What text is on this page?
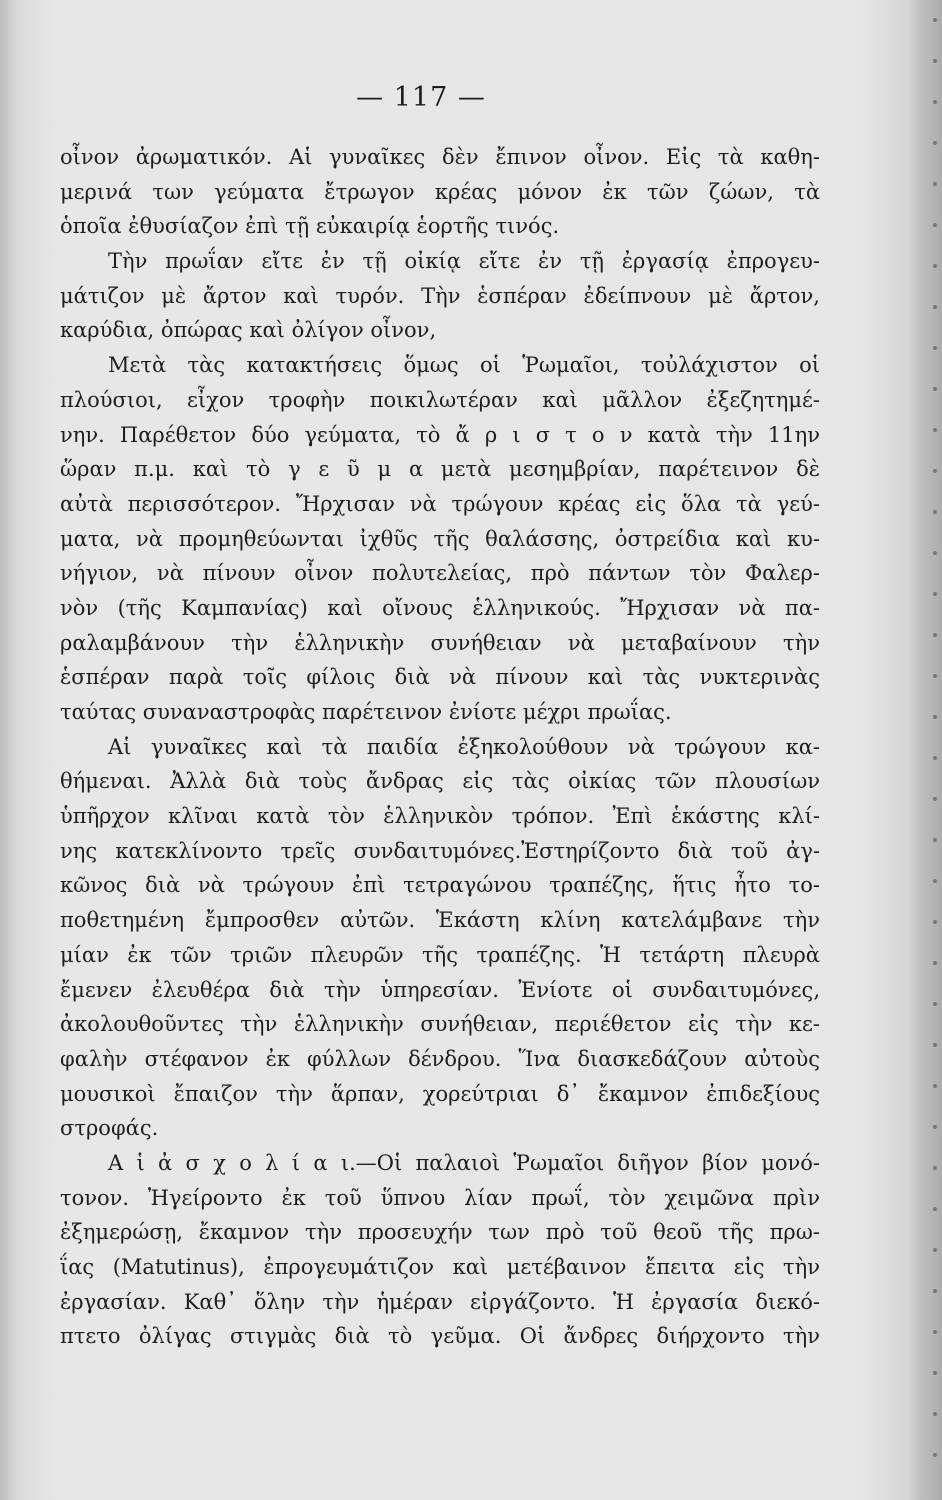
— 117 —
οἶνον ἀρωματικόν. Αἱ γυναῖκες δὲν ἔπινον οἶνον. Εἰς τὰ καθη-
μερινά των γεύματα ἔτρωγον κρέας μόνον ἐκ τῶν ζώων, τὰ
ὁποῖα ἐθυσίαζον ἐπὶ τῇ εὐκαιρίᾳ ἑορτῆς τινός.
Τὴν πρωΐαν εἴτε ἐν τῇ οἰκίᾳ εἴτε ἐν τῇ ἐργασίᾳ ἐπρογευ-
μάτιζον μὲ ἄρτον καὶ τυρόν. Τὴν ἑσπέραν ἐδείπνουν μὲ ἄρτον,
καρύδια, ὀπώρας καὶ ὀλίγον οἶνον,
Μετὰ τὰς κατακτήσεις ὅμως οἱ Ῥωμαῖοι, τοὐλάχιστον οἱ
πλούσιοι, εἶχον τροφὴν ποικιλωτέραν καὶ μᾶλλον ἐξεζητημέ-
νην. Παρέθετον δύο γεύματα, τὸ ἄ ρ ι σ τ ο ν κατὰ τὴν 11ην
ὥραν π.μ. καὶ τὸ γ ε ῦ μ α μετὰ μεσημβρίαν, παρέτεινον δὲ
αὐτὰ περισσότερον. Ἤρχισαν νὰ τρώγουν κρέας εἰς ὅλα τὰ γεύ-
ματα, νὰ προμηθεύωνται ἰχθῦς τῆς θαλάσσης, ὀστρείδια καὶ κυ-
νήγιον, νὰ πίνουν οἶνον πολυτελείας, πρὸ πάντων τὸν Φαλερ-
νὸν (τῆς Καμπανίας) καὶ οἴνους ἑλληνικούς. Ἤρχισαν νὰ πα-
ραλαμβάνουν τὴν ἑλληνικὴν συνήθειαν νὰ μεταβαίνουν τὴν
ἑσπέραν παρὰ τοῖς φίλοις διὰ νὰ πίνουν καὶ τὰς νυκτερινὰς
ταύτας συναναστροφὰς παρέτεινον ἐνίοτε μέχρι πρωΐας.
Αἱ γυναῖκες καὶ τὰ παιδία ἐξηκολούθουν νὰ τρώγουν κα-
θήμεναι. Ἀλλὰ διὰ τοὺς ἄνδρας εἰς τὰς οἰκίας τῶν πλουσίων
ὑπῆρχον κλῖναι κατὰ τὸν ἑλληνικὸν τρόπον. Ἐπὶ ἑκάστης κλί-
νης κατεκλίνοντο τρεῖς συνδαιτυμόνες.Ἐστηρίζοντο διὰ τοῦ ἀγ-
κῶνος διὰ νὰ τρώγουν ἐπὶ τετραγώνου τραπέζης, ἥτις ἦτο το-
ποθετημένη ἔμπροσθεν αὐτῶν. Ἑκάστη κλίνη κατελάμβανε τὴν
μίαν ἐκ τῶν τριῶν πλευρῶν τῆς τραπέζης. Ἡ τετάρτη πλευρὰ
ἔμενεν ἐλευθέρα διὰ τὴν ὑπηρεσίαν. Ἐνίοτε οἱ συνδαιτυμόνες,
ἀκολουθοῦντες τὴν ἑλληνικὴν συνήθειαν, περιέθετον εἰς τὴν κε-
φαλὴν στέφανον ἐκ φύλλων δένδρου. Ἵνα διασκεδάζουν αὐτοὺς
μουσικοὶ ἔπαιζον τὴν ἅρπαν, χορεύτριαι δ᾽ ἔκαμνον ἐπιδεξίους
στροφάς.
Α ἱ ἀ σ χ ο λ ί α ι.—Οἱ παλαιοὶ Ῥωμαῖοι διῆγον βίον μονό-
τονον. Ἠγείροντο ἐκ τοῦ ὕπνου λίαν πρωΐ, τὸν χειμῶνα πρὶν
ἐξημερώσῃ, ἔκαμνον τὴν προσευχήν των πρὸ τοῦ θεοῦ τῆς πρω-
ΐας (Matutinus), ἐπρογευμάτιζον καὶ μετέβαινον ἔπειτα εἰς τὴν
ἐργασίαν. Καθ᾽ ὅλην τὴν ἡμέραν εἰργάζοντο. Ἡ ἐργασία διεκό-
πτετο ὀλίγας στιγμὰς διὰ τὸ γεῦμα. Οἱ ἄνδρες διήρχοντο τὴν
